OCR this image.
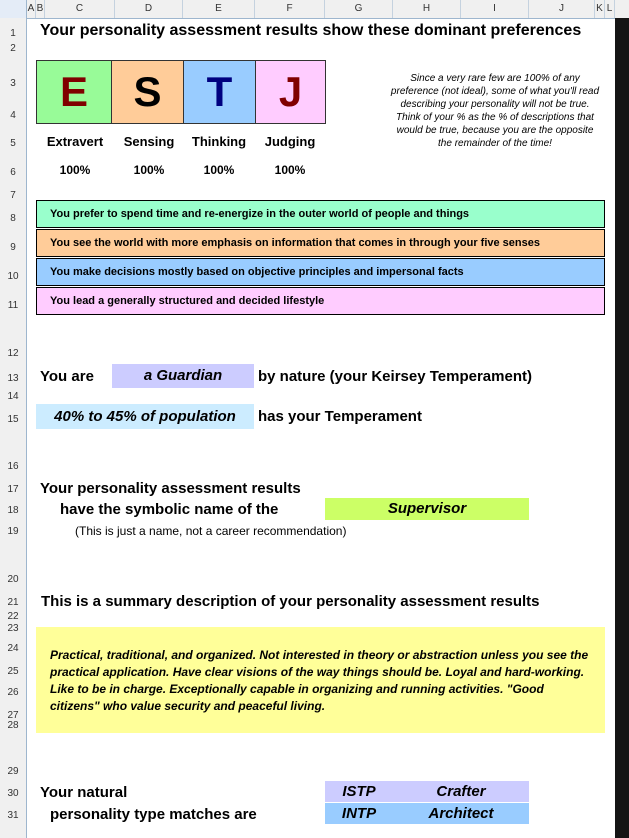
A B	C	D	E	F	G	H	I	J	K L
1
2
3
4
5
6
7
8
9
10
11
12
13
14
15
16
17
18
19
20
21
22
23
24
25
26
27
28
29
30
31
Your personality assessment results show these dominant preferences
E	S	T	J
Extravert	Sensing	Thinking	Judging
100%	100%	100%	100%
Since a very rare few are 100% of any preference (not ideal), some of what you'll read describing your personality will not be true. Think of your % as the % of descriptions that would be true, because you are the opposite the remainder of the time!
You prefer to spend time and re-energize in the outer world of people and things
You see the world with more emphasis on information that comes in through your five senses
You make decisions mostly based on objective principles and impersonal facts
You lead a generally structured and decided lifestyle
You are	a Guardian	by nature (your Keirsey Temperament)
40% to 45% of population	has your Temperament
Your personality assessment results
have the symbolic name of the	Supervisor
(This is just a name, not a career recommendation)
This is a summary description of your personality assessment results
Practical, traditional, and organized. Not interested in theory or abstraction unless you see the practical application. Have clear visions of the way things should be. Loyal and hard-working. Like to be in charge. Exceptionally capable in organizing and running activities. "Good citizens" who value security and peaceful living.
Your natural
personality type matches are
ISTP	Crafter
INTP	Architect
